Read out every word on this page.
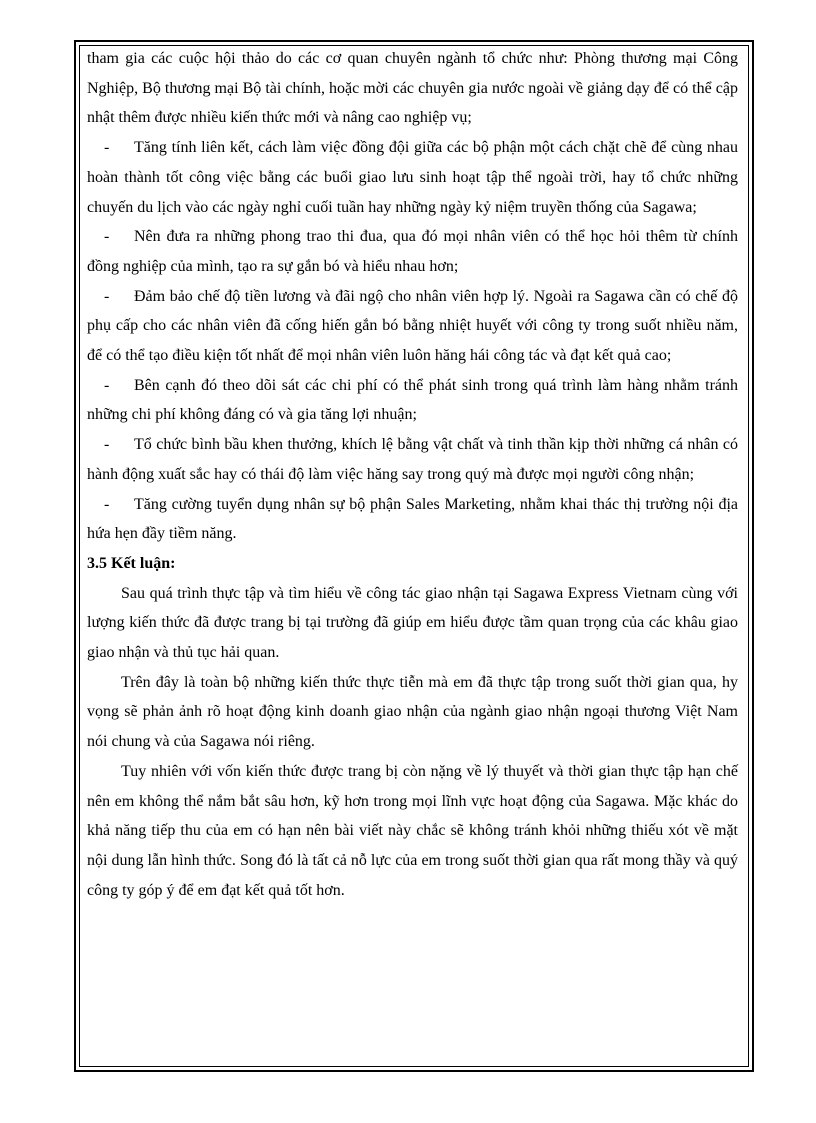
tham gia các cuộc hội thảo do các cơ quan chuyên ngành tổ chức như: Phòng thương mại Công Nghiệp, Bộ thương mại Bộ tài chính, hoặc mời các chuyên gia nước ngoài về giảng dạy để có thể cập nhật thêm được nhiều kiến thức mới và nâng cao nghiệp vụ;

- Tăng tính liên kết, cách làm việc đồng đội giữa các bộ phận một cách chặt chẽ để cùng nhau hoàn thành tốt công việc bằng các buổi giao lưu sinh hoạt tập thể ngoài trời, hay tổ chức những chuyến du lịch vào các ngày nghỉ cuối tuần hay những ngày kỷ niệm truyền thống của Sagawa;

- Nên đưa ra những phong trao thi đua, qua đó mọi nhân viên có thể học hỏi thêm từ chính đồng nghiệp của mình, tạo ra sự gắn bó và hiểu nhau hơn;

- Đảm bảo chế độ tiền lương và đãi ngộ cho nhân viên hợp lý. Ngoài ra Sagawa cần có chế độ phụ cấp cho các nhân viên đã cống hiến gắn bó bằng nhiệt huyết với công ty trong suốt nhiều năm, để có thể tạo điều kiện tốt nhất để mọi nhân viên luôn hăng hái công tác và đạt kết quả cao;

- Bên cạnh đó theo dõi sát các chi phí có thể phát sinh trong quá trình làm hàng nhằm tránh những chi phí không đáng có và gia tăng lợi nhuận;

- Tổ chức bình bầu khen thưởng, khích lệ bằng vật chất và tinh thần kịp thời những cá nhân có hành động xuất sắc hay có thái độ làm việc hăng say trong quý mà được mọi người công nhận;

- Tăng cường tuyển dụng nhân sự bộ phận Sales Marketing, nhằm khai thác thị trường nội địa hứa hẹn đầy tiềm năng.

3.5 Kết luận:

Sau quá trình thực tập và tìm hiểu về công tác giao nhận tại Sagawa Express Vietnam cùng với lượng kiến thức đã được trang bị tại trường đã giúp em hiểu được tầm quan trọng của các khâu giao giao nhận và thủ tục hải quan.

Trên đây là toàn bộ những kiến thức thực tiễn mà em đã thực tập trong suốt thời gian qua, hy vọng sẽ phản ảnh rõ hoạt động kinh doanh giao nhận của ngành giao nhận ngoại thương Việt Nam nói chung và của Sagawa nói riêng.

Tuy nhiên với vốn kiến thức được trang bị còn nặng về lý thuyết và thời gian thực tập hạn chế nên em không thể nắm bắt sâu hơn, kỹ hơn trong mọi lĩnh vực hoạt động của Sagawa. Mặc khác do khả năng tiếp thu của em có hạn nên bài viết này chắc sẽ không tránh khỏi những thiếu xót về mặt nội dung lẫn hình thức. Song đó là tất cả nỗ lực của em trong suốt thời gian qua rất mong thầy và quý công ty góp ý để em đạt kết quả tốt hơn.
